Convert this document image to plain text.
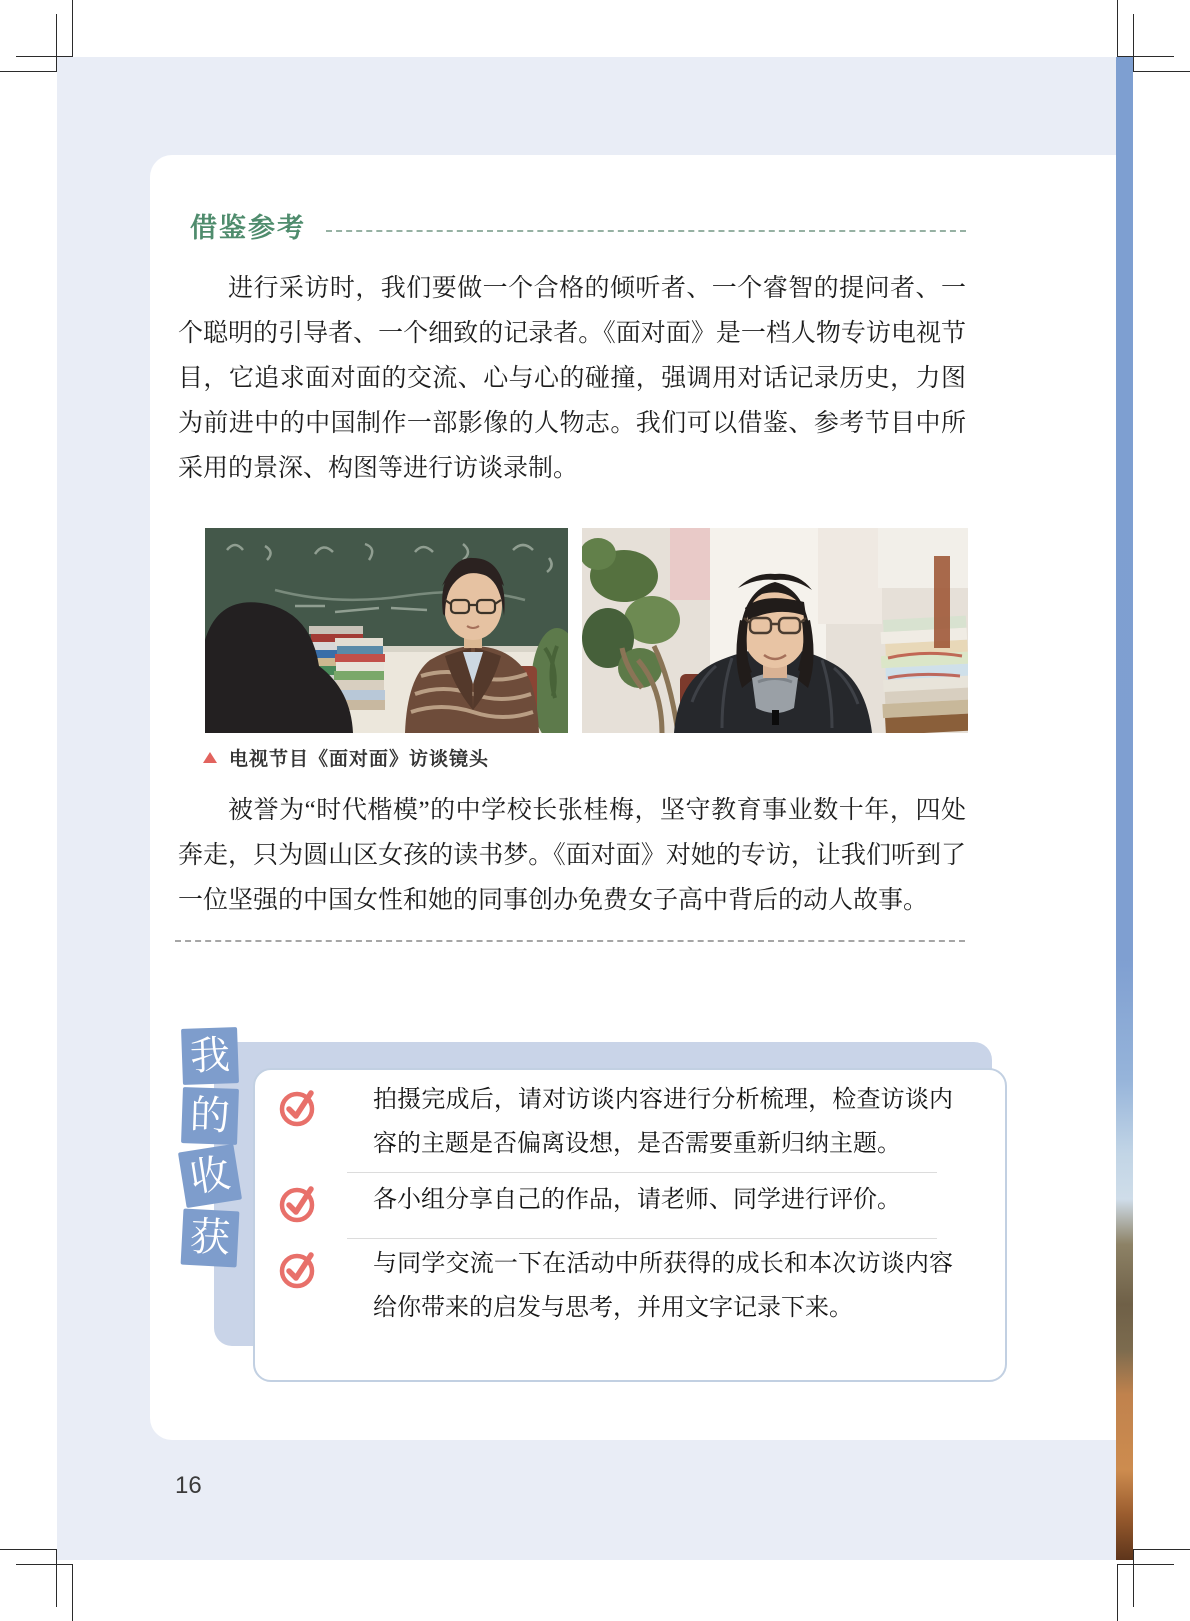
借鉴参考
进行采访时，我们要做一个合格的倾听者、一个睿智的提问者、一个聪明的引导者、一个细致的记录者。《面对面》是一档人物专访电视节目，它追求面对面的交流、心与心的碰撞，强调用对话记录历史，力图为前进中的中国制作一部影像的人物志。我们可以借鉴、参考节目中所采用的景深、构图等进行访谈录制。
电视节目《面对面》访谈镜头
被誉为“时代楷模”的中学校长张桂梅，坚守教育事业数十年，四处奔走，只为圆山区女孩的读书梦。《面对面》对她的专访，让我们听到了一位坚强的中国女性和她的同事创办免费女子高中背后的动人故事。
我
的
收
获
拍摄完成后，请对访谈内容进行分析梳理，检查访谈内容的主题是否偏离设想，是否需要重新归纳主题。
各小组分享自己的作品，请老师、同学进行评价。
与同学交流一下在活动中所获得的成长和本次访谈内容给你带来的启发与思考，并用文字记录下来。
16
